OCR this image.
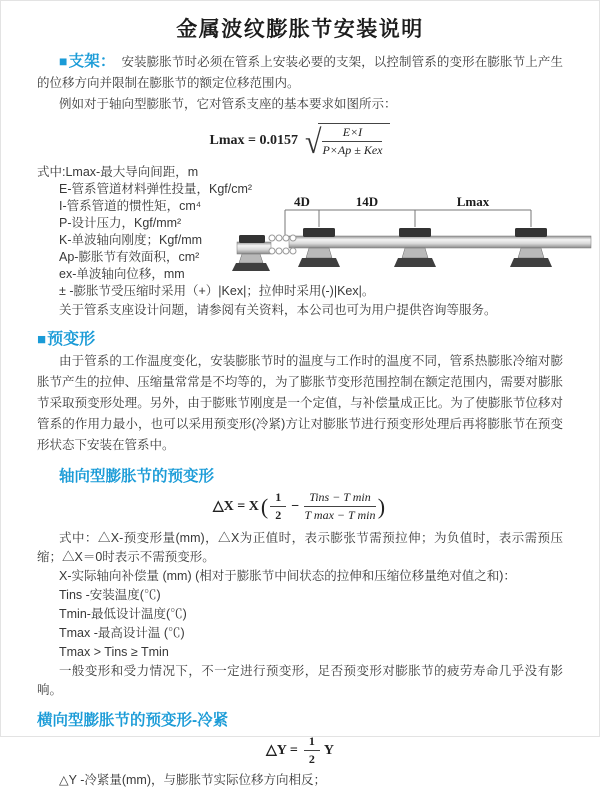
金属波纹膨胀节安装说明

■支架： 安装膨胀节时必须在管系上安装必要的支架，以控制管系的变形在膨胀节上产生的位移方向并限制在膨胀节的额定位移范围内。

例如对于轴向型膨胀节，它对管系支座的基本要求如图所示：

Lmax = 0.0157 √
$\frac{E\times I}{\text{P×Ap ± Kex}}$
式中:Lmax-最大导向间距，m
E-管系管道材料弹性投量，Kgf/cm²
I-管系管道的惯性矩，cm⁴
P-设计压力，Kgf/mm²
K-单波轴向刚度；Kgf/mm
Ap-膨胀节有效面积，cm²
ex-单波轴向位移，mm
± -膨胀节受压缩时采用（+）|Kex|；拉伸时采用(-)|Kex|。
4D	14D	Lmax

关于管系支座设计问题，请参阅有关资料，本公司也可为用户提供咨询等服务。

■预变形

由于管系的工作温度变化，安装膨胀节时的温度与工作时的温度不同，管系热膨胀冷缩对膨胀节产生的拉伸、压缩量常常是不均等的，为了膨胀节变形范围控制在额定范围内，需要对膨胀节采取预变形处理。另外，由于膨账节刚度是一个定值，与补偿量成正比。为了使膨胀节位移对管系的作用力最小，也可以采用预变形(冷紧)方让对膨胀节进行预变形处理后再将膨胀节在预变形状态下安装在管系中。

轴向型膨胀节的预变形
△X = X ( $\frac{1}{2} - \frac{\text{Tins − T min}}{\text{T max − T min}}$ )

式中：△X-预变形量(mm)，△X为正值时，表示膨张节需预拉伸；为负值时，表示需预压缩；△X＝0时表示不需预变形。

X-实际轴向补偿量 (mm) (相对于膨胀节中间状态的拉伸和压缩位移量绝对值之和)：
Tins -安装温度(℃)
Tmin-最低设计温度(℃)
Tmax -最高设计温 (℃)
Tmax > Tins ≥ Tmin

一般变形和受力情况下，不一定进行预变形，足否预变形对膨胀节的疲劳寿命几乎没有影响。

横向型膨胀节的预变形-冷紧
△Y = $\frac{1}{2}$ Y
△Y -冷紧量(mm)，与膨胀节实际位移方向相反；
